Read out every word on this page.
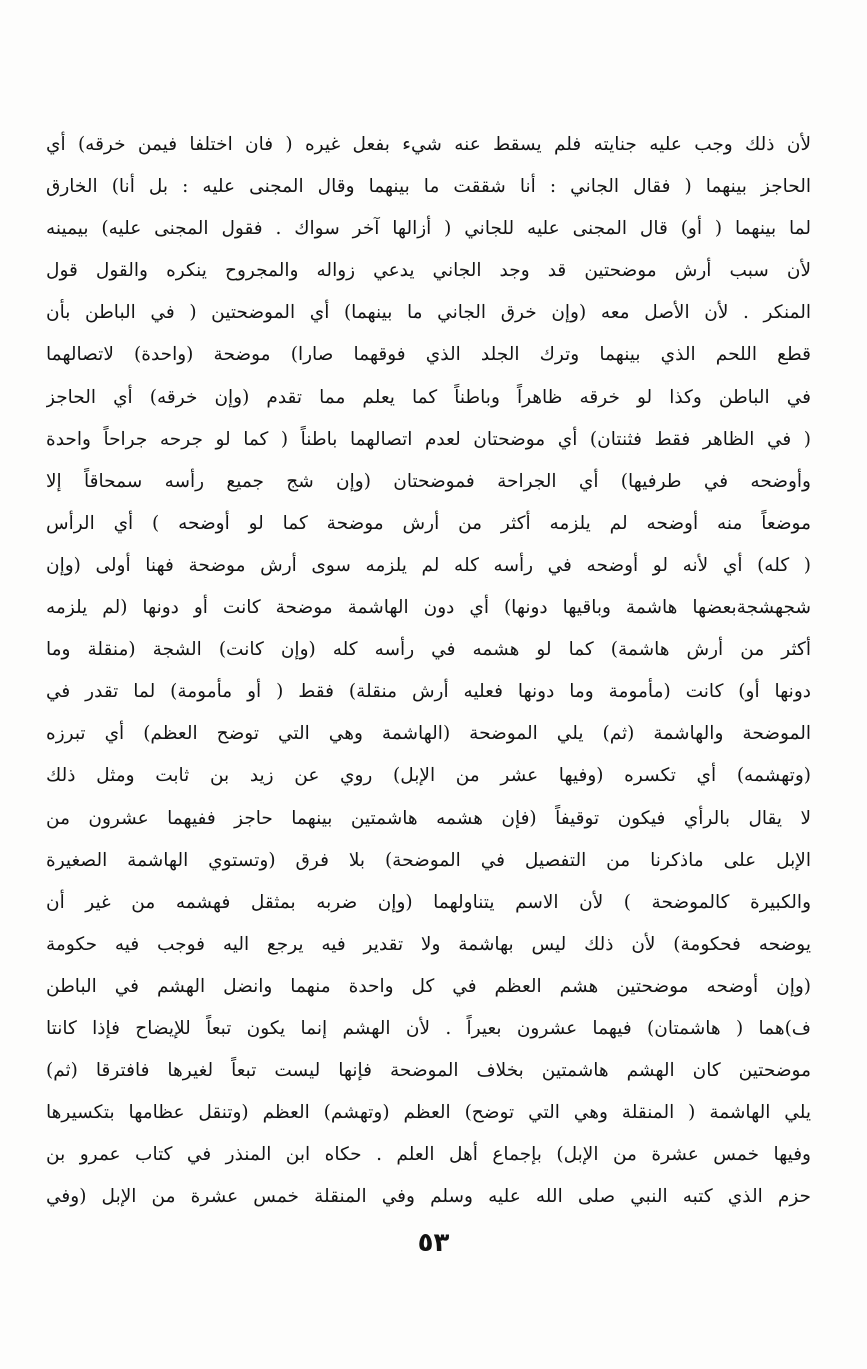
لأن ذلك وجب عليه جنايته فلم يسقط عنه شيء بفعل غيره ( فان اختلفا فيمن خرقه) أي
الحاجز بينهما ( فقال الجاني : أنا شققت ما بينهما وقال المجنى عليه : بل أنا) الخارق
لما بينهما ( أو) قال المجنى عليه للجاني ( أزالها آخر سواك . فقول المجنى عليه) بيمينه
لأن سبب أرش موضحتين قد وجد الجاني يدعي زواله والمجروح ينكره والقول قول
المنكر . لأن الأصل معه (وإن خرق الجاني ما بينهما) أي الموضحتين ( في الباطن بأن
قطع اللحم الذي بينهما وترك الجلد الذي فوقهما صارا) موضحة (واحدة) لاتصالهما
في الباطن وكذا لو خرقه ظاهراً وباطناً كما يعلم مما تقدم (وإن خرقه) أي الحاجز
( في الظاهر فقط فثنتان) أي موضحتان لعدم اتصالهما باطناً ( كما لو جرحه جراحاً واحدة
وأوضحه في طرفيها) أي الجراحة فموضحتان (وإن شج جميع رأسه سمحاقاً إلا
موضعاً منه أوضحه لم يلزمه أكثر من أرش موضحة كما لو أوضحه ) أي الرأس
( كله) أي لأنه لو أوضحه في رأسه كله لم يلزمه سوى أرش موضحة فهنا أولى (وإن
شجهشجةبعضها هاشمة وباقيها دونها) أي دون الهاشمة موضحة كانت أو دونها (لم يلزمه
أكثر من أرش هاشمة) كما لو هشمه في رأسه كله (وإن كانت) الشجة (منقلة وما
دونها أو) كانت (مأمومة وما دونها فعليه أرش منقلة) فقط ( أو مأمومة) لما تقدر في
الموضحة والهاشمة (ثم) يلي الموضحة (الهاشمة وهي التي توضح العظم) أي تبرزه
(وتهشمه) أي تكسره (وفيها عشر من الإبل) روي عن زيد بن ثابت ومثل ذلك
لا يقال بالرأي فيكون توقيفاً (فإن هشمه هاشمتين بينهما حاجز ففيهما عشرون من
الإبل على ماذكرنا من التفصيل في الموضحة) بلا فرق (وتستوي الهاشمة الصغيرة
والكبيرة كالموضحة ) لأن الاسم يتناولهما (وإن ضربه بمثقل فهشمه من غير أن
يوضحه فحكومة) لأن ذلك ليس بهاشمة ولا تقدير فيه يرجع اليه فوجب فيه حكومة
(وإن أوضحه موضحتين هشم العظم في كل واحدة منهما وانضل الهشم في الباطن
ف)هما ( هاشمتان) فيهما عشرون بعيراً . لأن الهشم إنما يكون تبعاً للإيضاح فإذا كانتا
موضحتين كان الهشم هاشمتين بخلاف الموضحة فإنها ليست تبعاً لغيرها فافترقا (ثم)
يلي الهاشمة ( المنقلة وهي التي توضح) العظم (وتهشم) العظم (وتنقل عظامها بتكسيرها
وفيها خمس عشرة من الإبل) بإجماع أهل العلم . حكاه ابن المنذر في كتاب عمرو بن
حزم الذي كتبه النبي صلى الله عليه وسلم وفي المنقلة خمس عشرة من الإبل (وفي
٥٣
